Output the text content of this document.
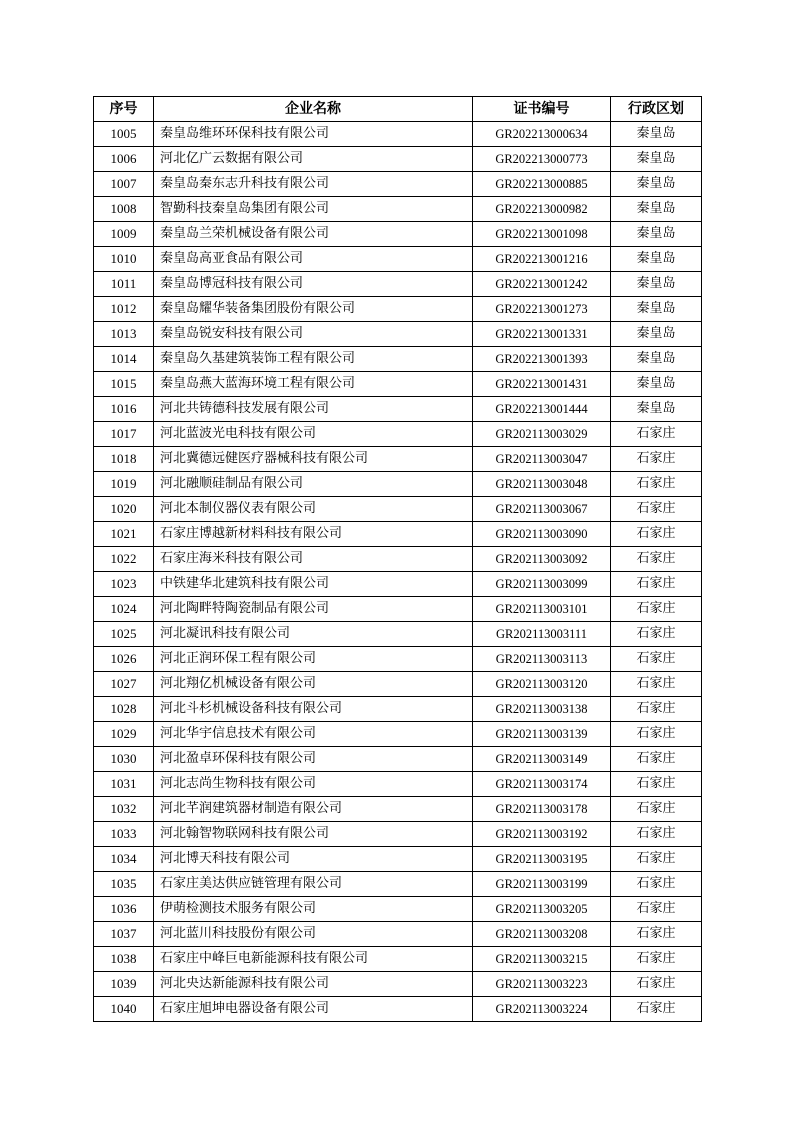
序号	企业名称	证书编号	行政区划
1005	秦皇岛维环环保科技有限公司	GR202213000634	秦皇岛
1006	河北亿广云数据有限公司	GR202213000773	秦皇岛
1007	秦皇岛秦东志升科技有限公司	GR202213000885	秦皇岛
1008	智勤科技秦皇岛集团有限公司	GR202213000982	秦皇岛
1009	秦皇岛兰荣机械设备有限公司	GR202213001098	秦皇岛
1010	秦皇岛高亚食品有限公司	GR202213001216	秦皇岛
1011	秦皇岛博冠科技有限公司	GR202213001242	秦皇岛
1012	秦皇岛耀华装备集团股份有限公司	GR202213001273	秦皇岛
1013	秦皇岛锐安科技有限公司	GR202213001331	秦皇岛
1014	秦皇岛久基建筑装饰工程有限公司	GR202213001393	秦皇岛
1015	秦皇岛燕大蓝海环境工程有限公司	GR202213001431	秦皇岛
1016	河北共铸德科技发展有限公司	GR202213001444	秦皇岛
1017	河北蓝波光电科技有限公司	GR202113003029	石家庄
1018	河北冀德远健医疗器械科技有限公司	GR202113003047	石家庄
1019	河北融顺硅制品有限公司	GR202113003048	石家庄
1020	河北本制仪器仪表有限公司	GR202113003067	石家庄
1021	石家庄博越新材料科技有限公司	GR202113003090	石家庄
1022	石家庄海米科技有限公司	GR202113003092	石家庄
1023	中铁建华北建筑科技有限公司	GR202113003099	石家庄
1024	河北陶畔特陶瓷制品有限公司	GR202113003101	石家庄
1025	河北凝讯科技有限公司	GR202113003111	石家庄
1026	河北正润环保工程有限公司	GR202113003113	石家庄
1027	河北翔亿机械设备有限公司	GR202113003120	石家庄
1028	河北斗杉机械设备科技有限公司	GR202113003138	石家庄
1029	河北华宇信息技术有限公司	GR202113003139	石家庄
1030	河北盈卓环保科技有限公司	GR202113003149	石家庄
1031	河北志尚生物科技有限公司	GR202113003174	石家庄
1032	河北芊润建筑器材制造有限公司	GR202113003178	石家庄
1033	河北翰智物联网科技有限公司	GR202113003192	石家庄
1034	河北博天科技有限公司	GR202113003195	石家庄
1035	石家庄美达供应链管理有限公司	GR202113003199	石家庄
1036	伊萌检测技术服务有限公司	GR202113003205	石家庄
1037	河北蓝川科技股份有限公司	GR202113003208	石家庄
1038	石家庄中峰巨电新能源科技有限公司	GR202113003215	石家庄
1039	河北央达新能源科技有限公司	GR202113003223	石家庄
1040	石家庄旭坤电器设备有限公司	GR202113003224	石家庄
